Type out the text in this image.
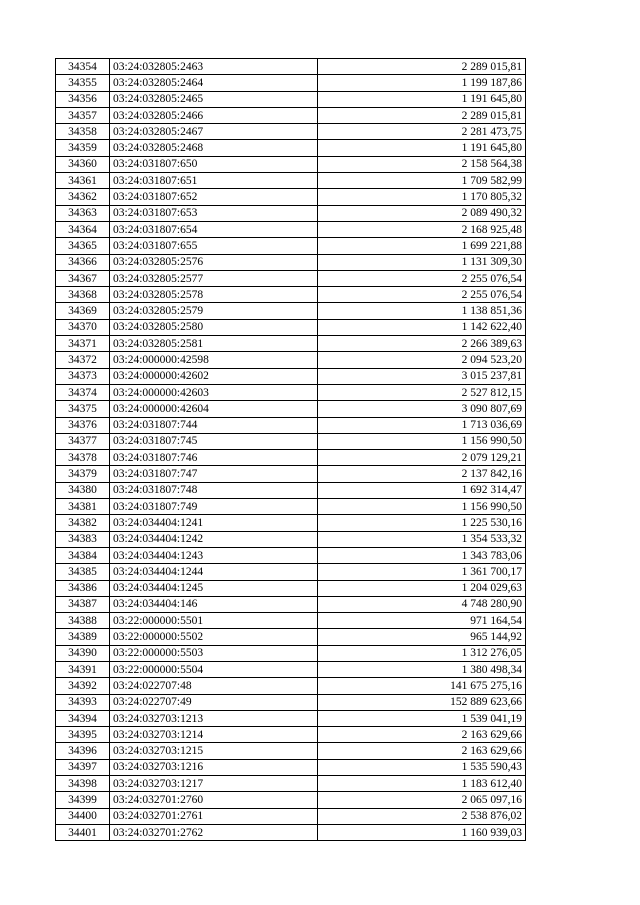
34354	03:24:032805:2463	2 289 015,81
34355	03:24:032805:2464	1 199 187,86
34356	03:24:032805:2465	1 191 645,80
34357	03:24:032805:2466	2 289 015,81
34358	03:24:032805:2467	2 281 473,75
34359	03:24:032805:2468	1 191 645,80
34360	03:24:031807:650	2 158 564,38
34361	03:24:031807:651	1 709 582,99
34362	03:24:031807:652	1 170 805,32
34363	03:24:031807:653	2 089 490,32
34364	03:24:031807:654	2 168 925,48
34365	03:24:031807:655	1 699 221,88
34366	03:24:032805:2576	1 131 309,30
34367	03:24:032805:2577	2 255 076,54
34368	03:24:032805:2578	2 255 076,54
34369	03:24:032805:2579	1 138 851,36
34370	03:24:032805:2580	1 142 622,40
34371	03:24:032805:2581	2 266 389,63
34372	03:24:000000:42598	2 094 523,20
34373	03:24:000000:42602	3 015 237,81
34374	03:24:000000:42603	2 527 812,15
34375	03:24:000000:42604	3 090 807,69
34376	03:24:031807:744	1 713 036,69
34377	03:24:031807:745	1 156 990,50
34378	03:24:031807:746	2 079 129,21
34379	03:24:031807:747	2 137 842,16
34380	03:24:031807:748	1 692 314,47
34381	03:24:031807:749	1 156 990,50
34382	03:24:034404:1241	1 225 530,16
34383	03:24:034404:1242	1 354 533,32
34384	03:24:034404:1243	1 343 783,06
34385	03:24:034404:1244	1 361 700,17
34386	03:24:034404:1245	1 204 029,63
34387	03:24:034404:146	4 748 280,90
34388	03:22:000000:5501	971 164,54
34389	03:22:000000:5502	965 144,92
34390	03:22:000000:5503	1 312 276,05
34391	03:22:000000:5504	1 380 498,34
34392	03:24:022707:48	141 675 275,16
34393	03:24:022707:49	152 889 623,66
34394	03:24:032703:1213	1 539 041,19
34395	03:24:032703:1214	2 163 629,66
34396	03:24:032703:1215	2 163 629,66
34397	03:24:032703:1216	1 535 590,43
34398	03:24:032703:1217	1 183 612,40
34399	03:24:032701:2760	2 065 097,16
34400	03:24:032701:2761	2 538 876,02
34401	03:24:032701:2762	1 160 939,03
